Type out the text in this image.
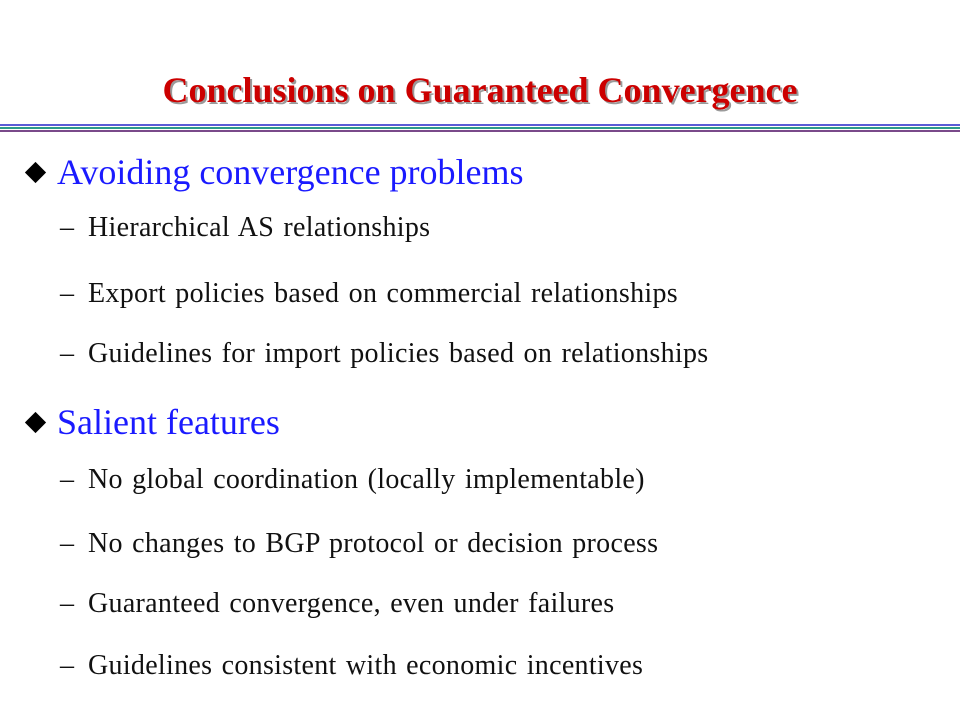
Conclusions on Guaranteed Convergence
Avoiding convergence problems
– Hierarchical AS relationships
– Export policies based on commercial relationships
– Guidelines for import policies based on relationships
Salient features
– No global coordination (locally implementable)
– No changes to BGP protocol or decision process
– Guaranteed convergence, even under failures
– Guidelines consistent with economic incentives
